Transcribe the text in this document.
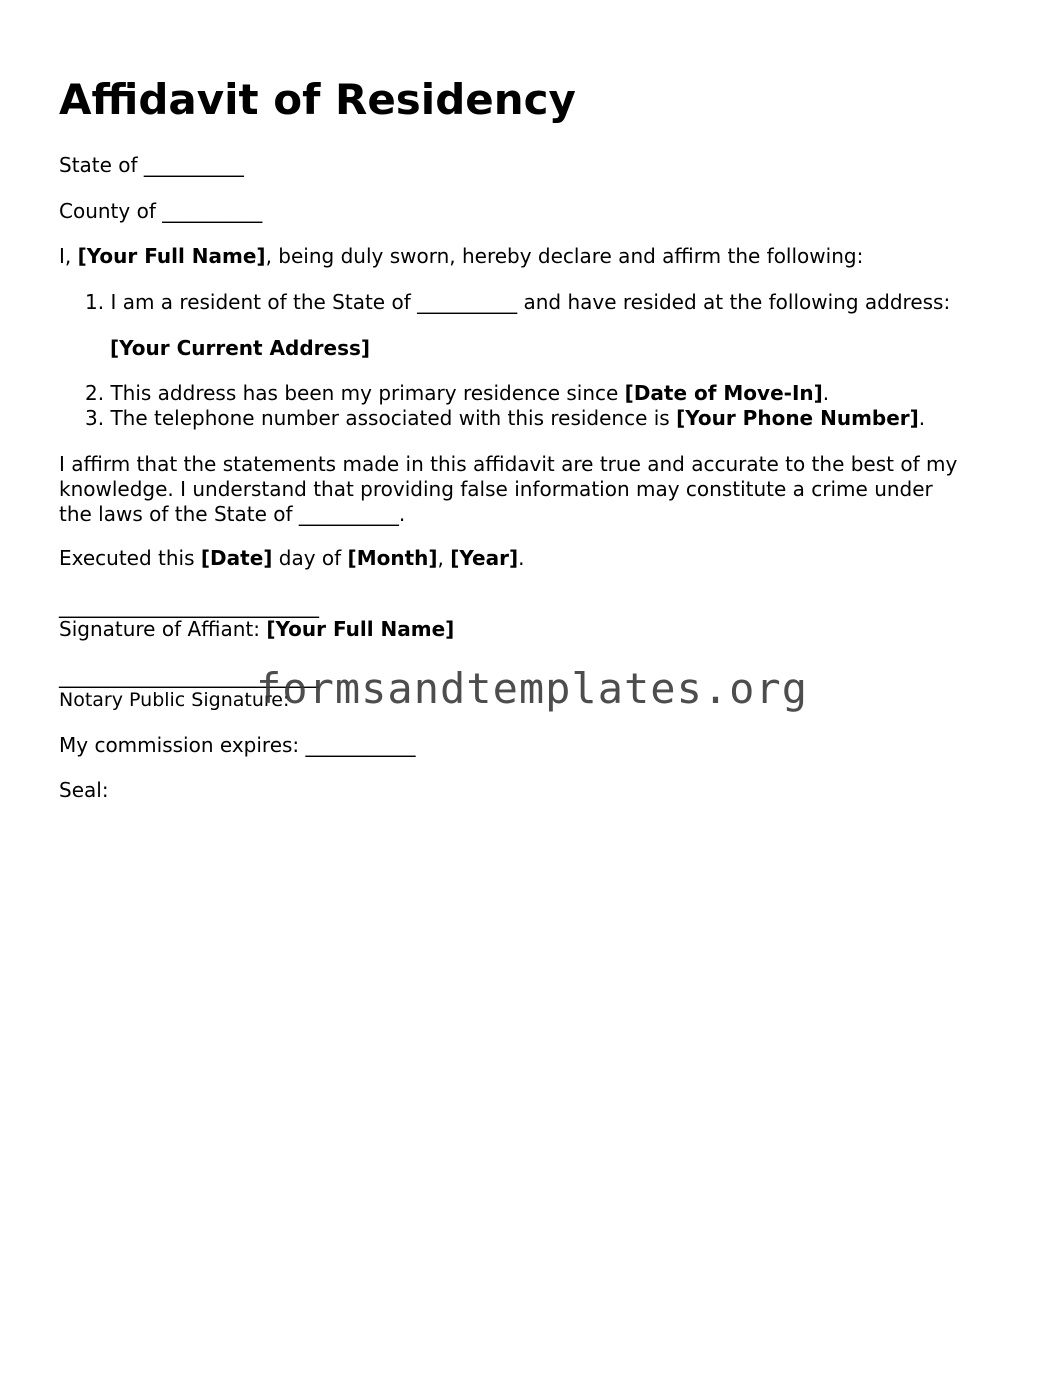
Affidavit of Residency
State of __________
County of __________
I, [Your Full Name], being duly sworn, hereby declare and affirm the following:
1. I am a resident of the State of __________ and have resided at the following address:
[Your Current Address]
2. This address has been my primary residence since [Date of Move-In].
3. The telephone number associated with this residence is [Your Phone Number].
I affirm that the statements made in this affidavit are true and accurate to the best of my
knowledge. I understand that providing false information may constitute a crime under
the laws of the State of __________.
Executed this [Date] day of [Month], [Year].
__________________________
Signature of Affiant: [Your Full Name]
__________________________
Notary Public Signature:
My commission expires: ___________
Seal:
formsandtemplates.org
